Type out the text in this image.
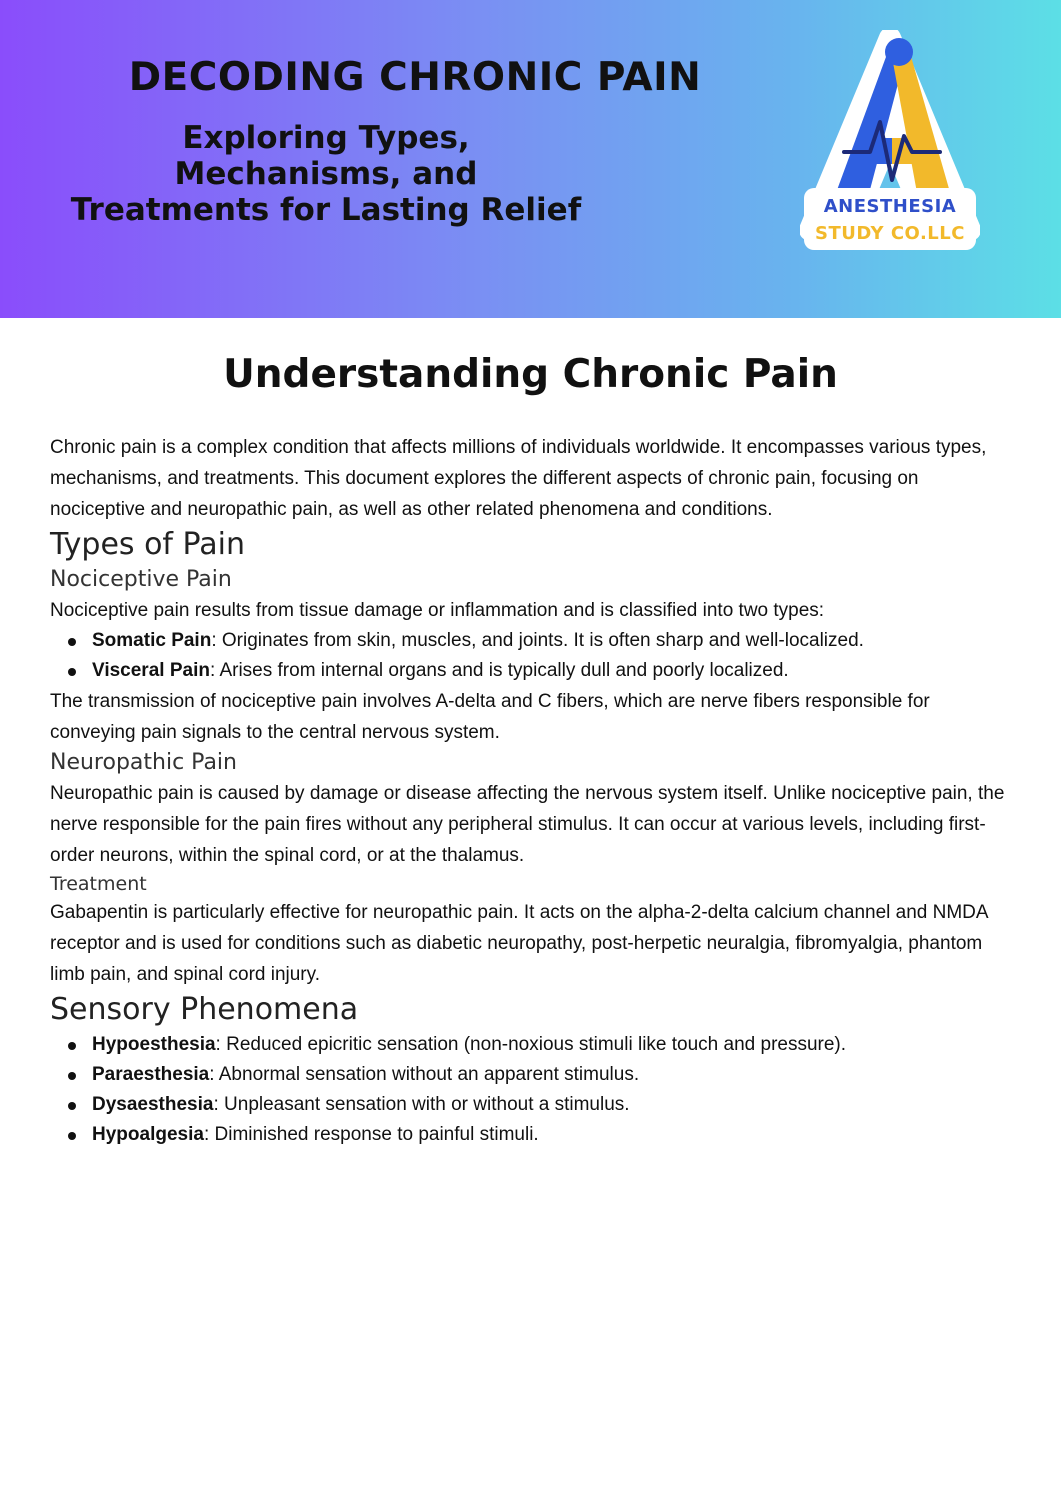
DECODING CHRONIC PAIN
Exploring Types, Mechanisms, and Treatments for Lasting Relief	ANESTHESIA
STUDY CO.LLC
Understanding Chronic Pain

Chronic pain is a complex condition that affects millions of individuals worldwide. It encompasses various types, mechanisms, and treatments. This document explores the different aspects of chronic pain, focusing on nociceptive and neuropathic pain, as well as other related phenomena and conditions.

Types of Pain
Nociceptive Pain

Nociceptive pain results from tissue damage or inflammation and is classified into two types:

Somatic Pain: Originates from skin, muscles, and joints. It is often sharp and well-localized.
Visceral Pain: Arises from internal organs and is typically dull and poorly localized.

The transmission of nociceptive pain involves A-delta and C fibers, which are nerve fibers responsible for conveying pain signals to the central nervous system.

Neuropathic Pain

Neuropathic pain is caused by damage or disease affecting the nervous system itself. Unlike nociceptive pain, the nerve responsible for the pain fires without any peripheral stimulus. It can occur at various levels, including first-order neurons, within the spinal cord, or at the thalamus.

Treatment

Gabapentin is particularly effective for neuropathic pain. It acts on the alpha-2-delta calcium channel and NMDA receptor and is used for conditions such as diabetic neuropathy, post-herpetic neuralgia, fibromyalgia, phantom limb pain, and spinal cord injury.

Sensory Phenomena
Hypoesthesia: Reduced epicritic sensation (non-noxious stimuli like touch and pressure).
Paraesthesia: Abnormal sensation without an apparent stimulus.
Dysaesthesia: Unpleasant sensation with or without a stimulus.
Hypoalgesia: Diminished response to painful stimuli.
